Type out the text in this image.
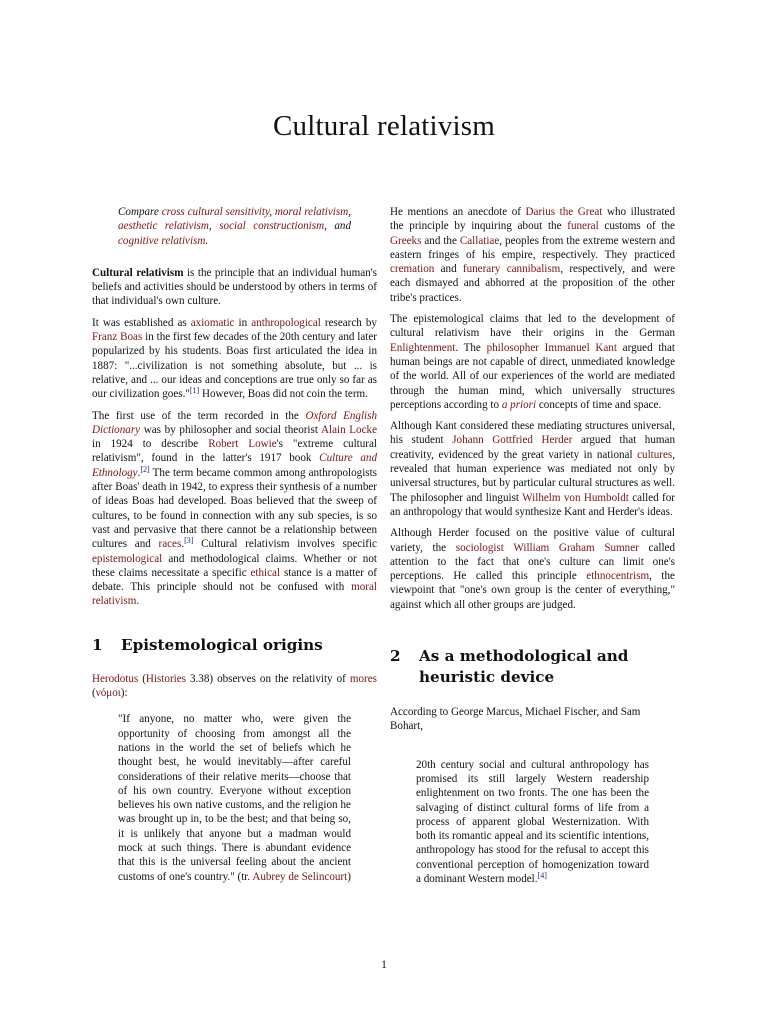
Cultural relativism

Compare cross cultural sensitivity, moral relativism, aesthetic relativism, social constructionism, and cognitive relativism.

Cultural relativism is the principle that an individual human's beliefs and activities should be understood by others in terms of that individual's own culture.

It was established as axiomatic in anthropological research by Franz Boas in the first few decades of the 20th century and later popularized by his students. Boas first articulated the idea in 1887: "...civilization is not something absolute, but ... is relative, and ... our ideas and conceptions are true only so far as our civilization goes."[1] However, Boas did not coin the term.

The first use of the term recorded in the Oxford English Dictionary was by philosopher and social theorist Alain Locke in 1924 to describe Robert Lowie's "extreme cultural relativism", found in the latter's 1917 book Culture and Ethnology.[2] The term became common among anthropologists after Boas' death in 1942, to express their synthesis of a number of ideas Boas had developed. Boas believed that the sweep of cultures, to be found in connection with any sub species, is so vast and pervasive that there cannot be a relationship between cultures and races.[3] Cultural relativism involves specific epistemological and methodological claims. Whether or not these claims necessitate a specific ethical stance is a matter of debate. This principle should not be confused with moral relativism.

1	Epistemological origins

Herodotus (Histories 3.38) observes on the relativity of mores (νόμοι):

"If anyone, no matter who, were given the opportunity of choosing from amongst all the nations in the world the set of beliefs which he thought best, he would inevitably—after careful considerations of their relative merits—choose that of his own country. Everyone without exception believes his own native customs, and the religion he was brought up in, to be the best; and that being so, it is unlikely that anyone but a madman would mock at such things. There is abundant evidence that this is the universal feeling about the ancient customs of one's country." (tr. Aubrey de Selincourt)

He mentions an anecdote of Darius the Great who illustrated the principle by inquiring about the funeral customs of the Greeks and the Callatiae, peoples from the extreme western and eastern fringes of his empire, respectively. They practiced cremation and funerary cannibalism, respectively, and were each dismayed and abhorred at the proposition of the other tribe's practices.

The epistemological claims that led to the development of cultural relativism have their origins in the German Enlightenment. The philosopher Immanuel Kant argued that human beings are not capable of direct, unmediated knowledge of the world. All of our experiences of the world are mediated through the human mind, which universally structures perceptions according to a priori concepts of time and space.

Although Kant considered these mediating structures universal, his student Johann Gottfried Herder argued that human creativity, evidenced by the great variety in national cultures, revealed that human experience was mediated not only by universal structures, but by particular cultural structures as well. The philosopher and linguist Wilhelm von Humboldt called for an anthropology that would synthesize Kant and Herder's ideas.

Although Herder focused on the positive value of cultural variety, the sociologist William Graham Sumner called attention to the fact that one's culture can limit one's perceptions. He called this principle ethnocentrism, the viewpoint that "one's own group is the center of everything," against which all other groups are judged.

2	As a methodological and heuristic device

According to George Marcus, Michael Fischer, and Sam Bohart,

20th century social and cultural anthropology has promised its still largely Western readership enlightenment on two fronts. The one has been the salvaging of distinct cultural forms of life from a process of apparent global Westernization. With both its romantic appeal and its scientific intentions, anthropology has stood for the refusal to accept this conventional perception of homogenization toward a dominant Western model.[4]

1
